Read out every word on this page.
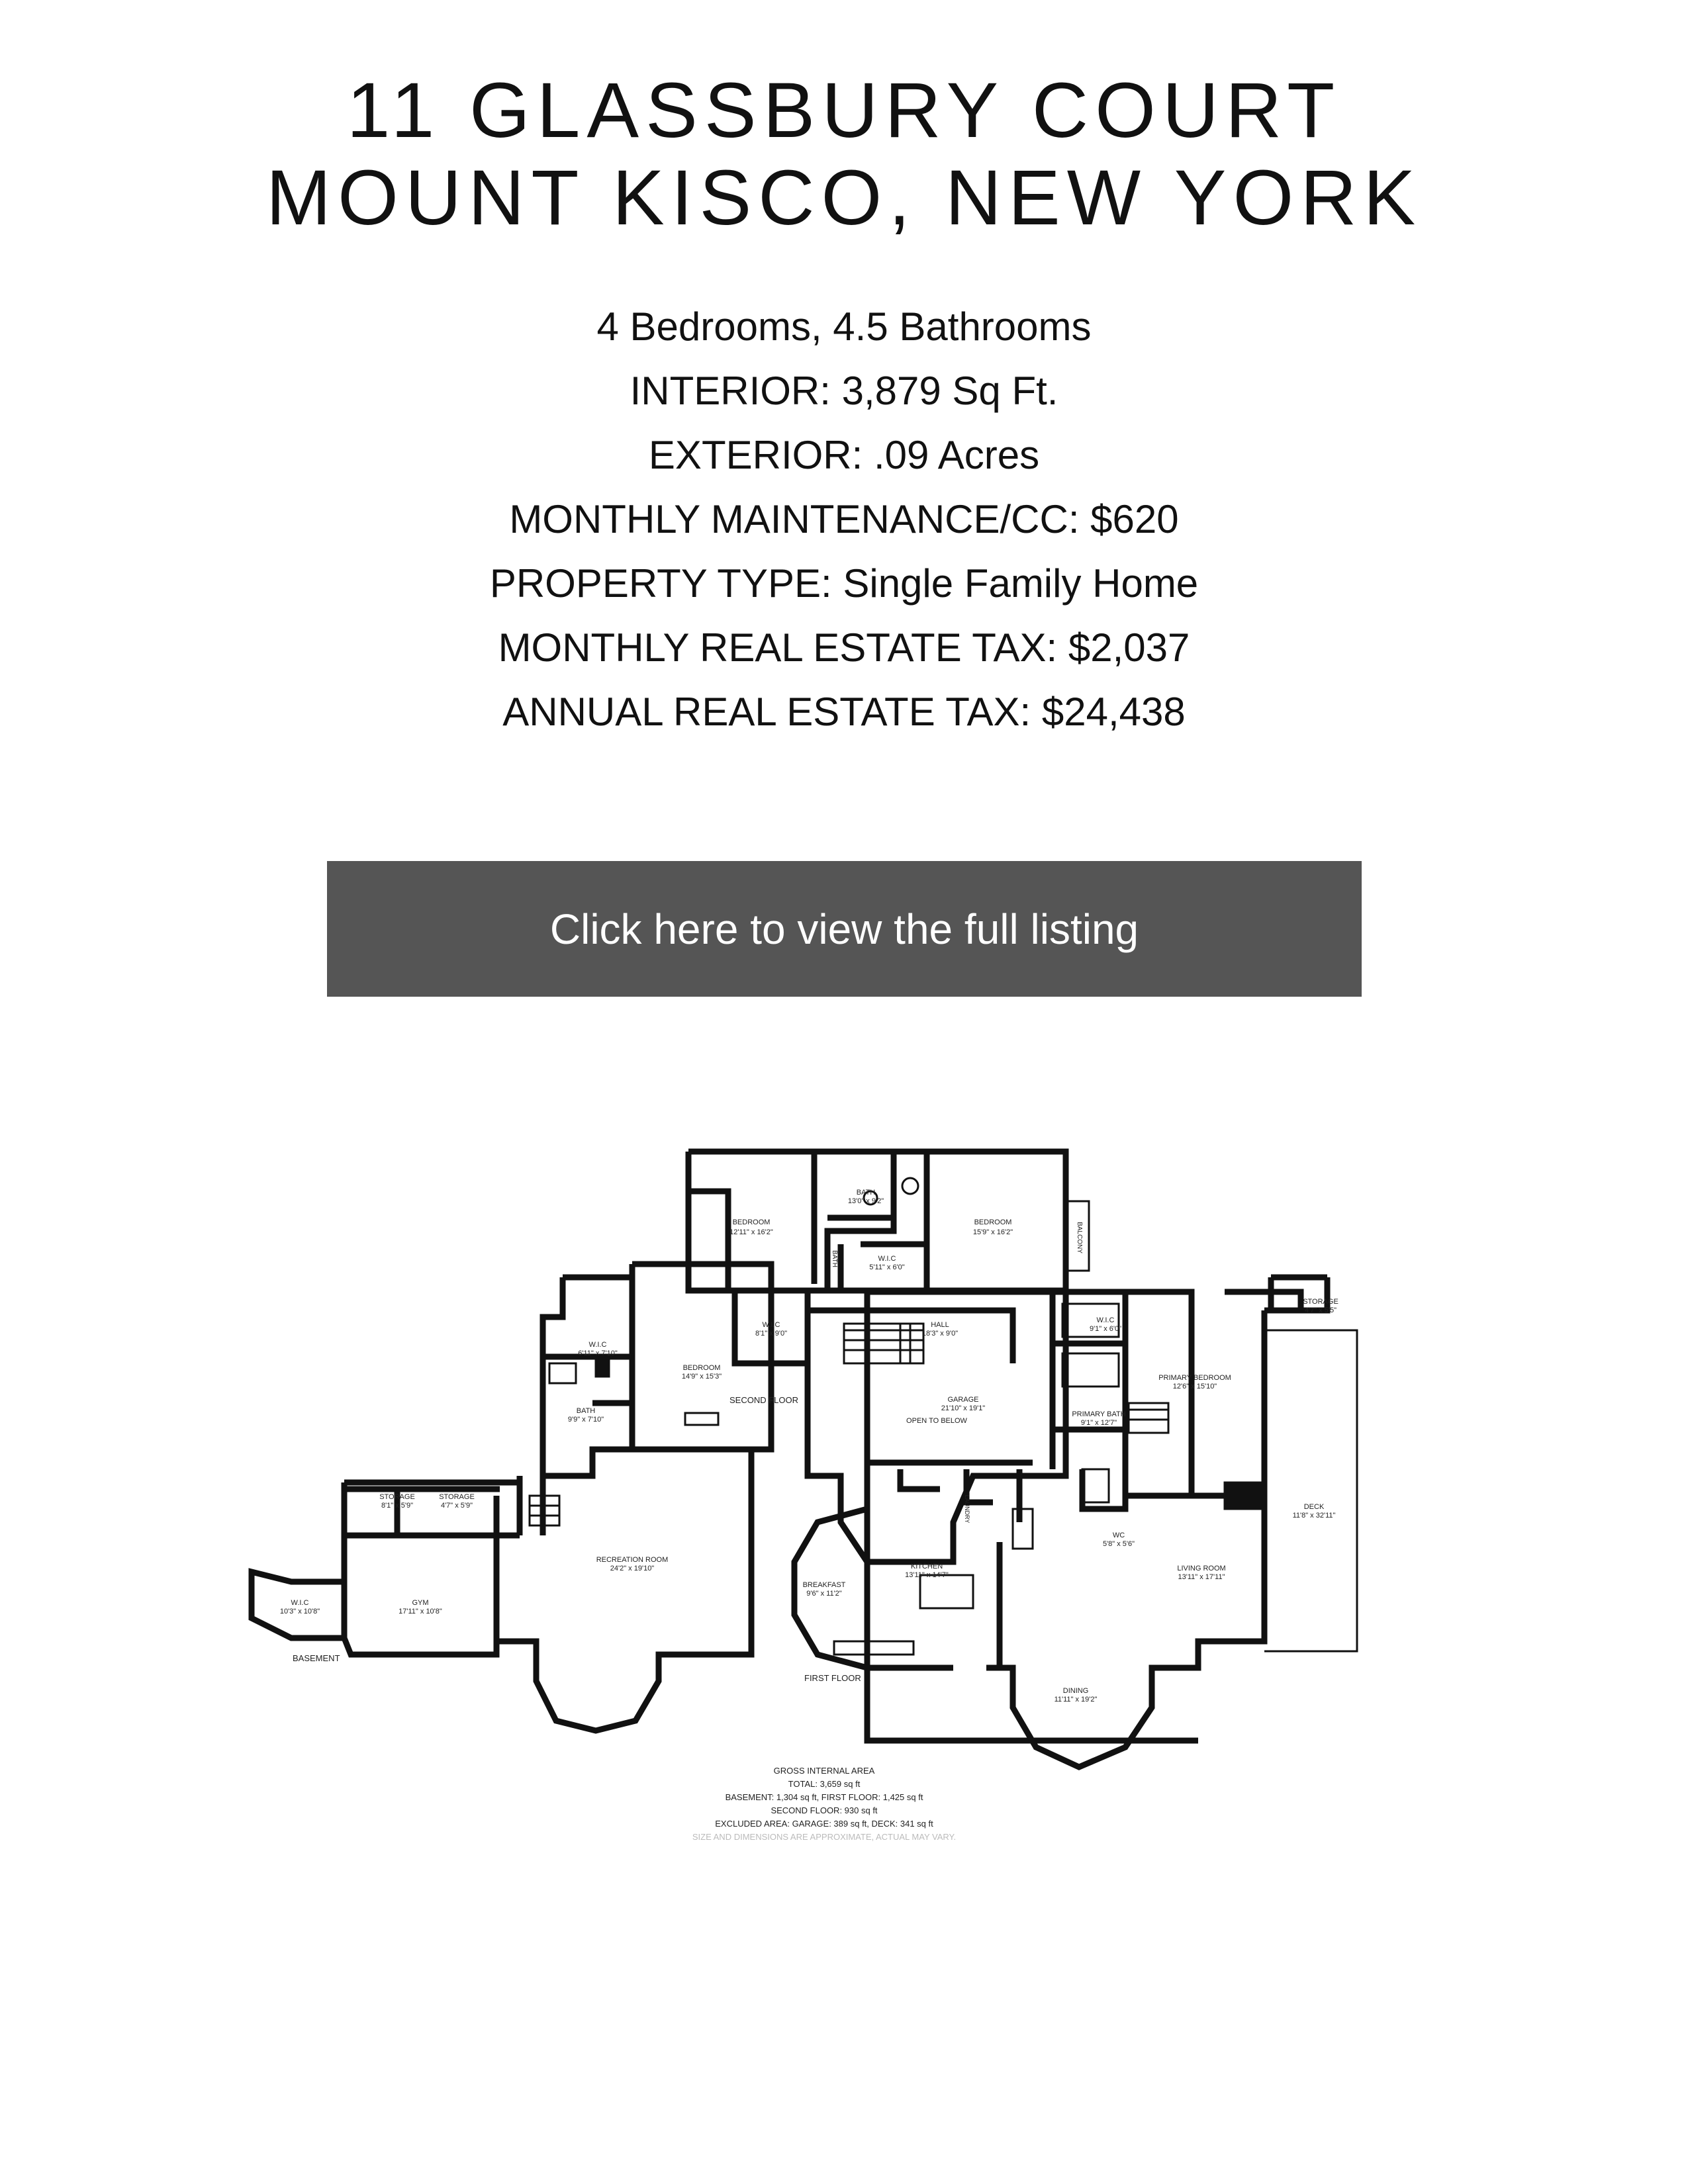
11 GLASSBURY COURT
MOUNT KISCO, NEW YORK
4 Bedrooms, 4.5 Bathrooms
INTERIOR: 3,879 Sq Ft.
EXTERIOR: .09 Acres
MONTHLY MAINTENANCE/CC: $620
PROPERTY TYPE: Single Family Home
MONTHLY REAL ESTATE TAX: $2,037
ANNUAL REAL ESTATE TAX: $24,438
Click here to view the full listing
BEDROOM
12'11" x 16'2"
BATH
13'0" x 9'2"
BEDROOM
15'9" x 16'2"	BALCONY
BATH	W.I.C
5'11" x 6'0"
W.I.C
8'1" x 9'0"
HALL
18'3" x 9'0"
OPEN TO BELOW
W.I.C
6'11" x 7'10"
BEDROOM
14'9" x 15'3"
BATH
9'9" x 7'10"
STORAGE
8'1" x 5'9"
STORAGE
4'7" x 5'9"
RECREATION ROOM
24'2" x 19'10"
W.I.C
10'3" x 10'8"
GYM
17'11" x 10'8"
STORAGE
4'7" x 5'5"
W.I.C
9'1" x 6'0"
GARAGE
21'10" x 19'1"
PRIMARY BEDROOM
12'6" x 15'10"
PRIMARY BATH
9'1" x 12'7"
DECK
11'8" x 32'11"
LAUNDRY
WC
5'8" x 5'6"
KITCHEN
13'11" x 14'7"
BREAKFAST
9'6" x 11'2"
LIVING ROOM
13'11" x 17'11"
DINING
11'11" x 19'2"
SECOND FLOOR
BASEMENT
FIRST FLOOR
GROSS INTERNAL AREA
TOTAL: 3,659 sq ft
BASEMENT: 1,304 sq ft, FIRST FLOOR: 1,425 sq ft
SECOND FLOOR: 930 sq ft
EXCLUDED AREA: GARAGE: 389 sq ft, DECK: 341 sq ft
SIZE AND DIMENSIONS ARE APPROXIMATE, ACTUAL MAY VARY.
